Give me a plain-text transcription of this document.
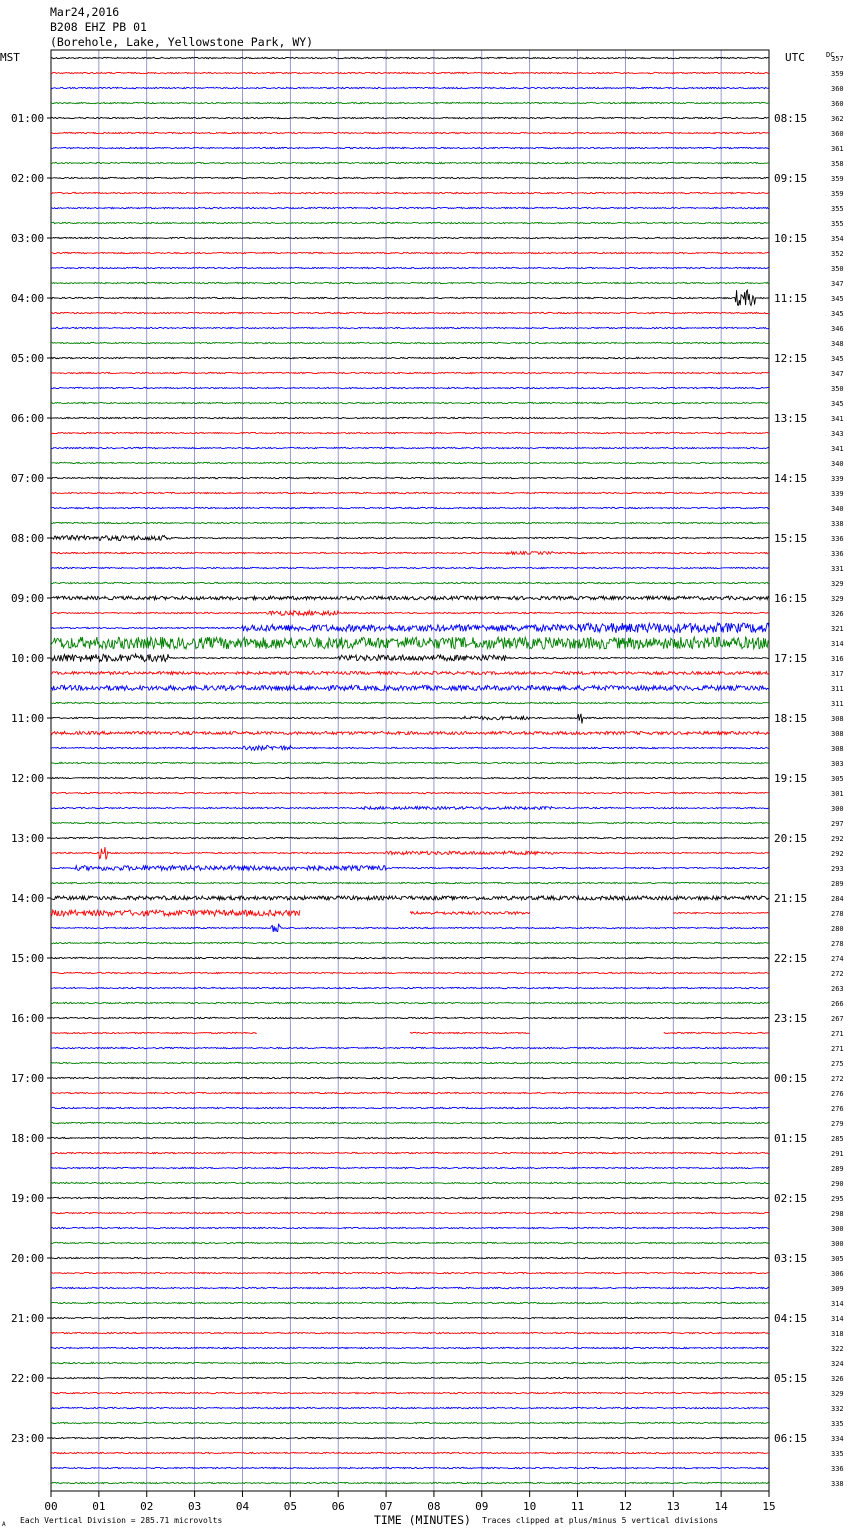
Mar24,2016
B208 EHZ PB 01
(Borehole, Lake, Yellowstone Park, WY)
MST	UTC	DC
TIME (MINUTES)
Each Vertical Division = 285.71 microvolts	Traces clipped at plus/minus 5 vertical divisions
A
357
359
360
360
362
360
361
358
359
359
355
355
354
352
350
347
345
345
346
348
345
347
350
345
341
343
341
340
339
339
340
338
336
336
331
329
329
326
321
314
316
317
311
311
308
308
308
303
305
301
300
297
292
292
293
289
284
278
280
278
274
272
263
266
267
271
271
275
272
276
276
279
285
291
289
290
295
298
300
300
305
306
309
314
314
318
322
324
326
329
332
335
334
335
336
338
01:00
02:00
03:00
04:00
05:00
06:00
07:00
08:00
09:00
10:00
11:00
12:00
13:00
14:00
15:00
16:00
17:00
18:00
19:00
20:00
21:00
22:00
23:00
08:15
09:15
10:15
11:15
12:15
13:15
14:15
15:15
16:15
17:15
18:15
19:15
20:15
21:15
22:15
23:15
00:15
01:15
02:15
03:15
04:15
05:15
06:15
00	01	02	03	04	05	06	07	08	09	10	11	12	13	14	15
